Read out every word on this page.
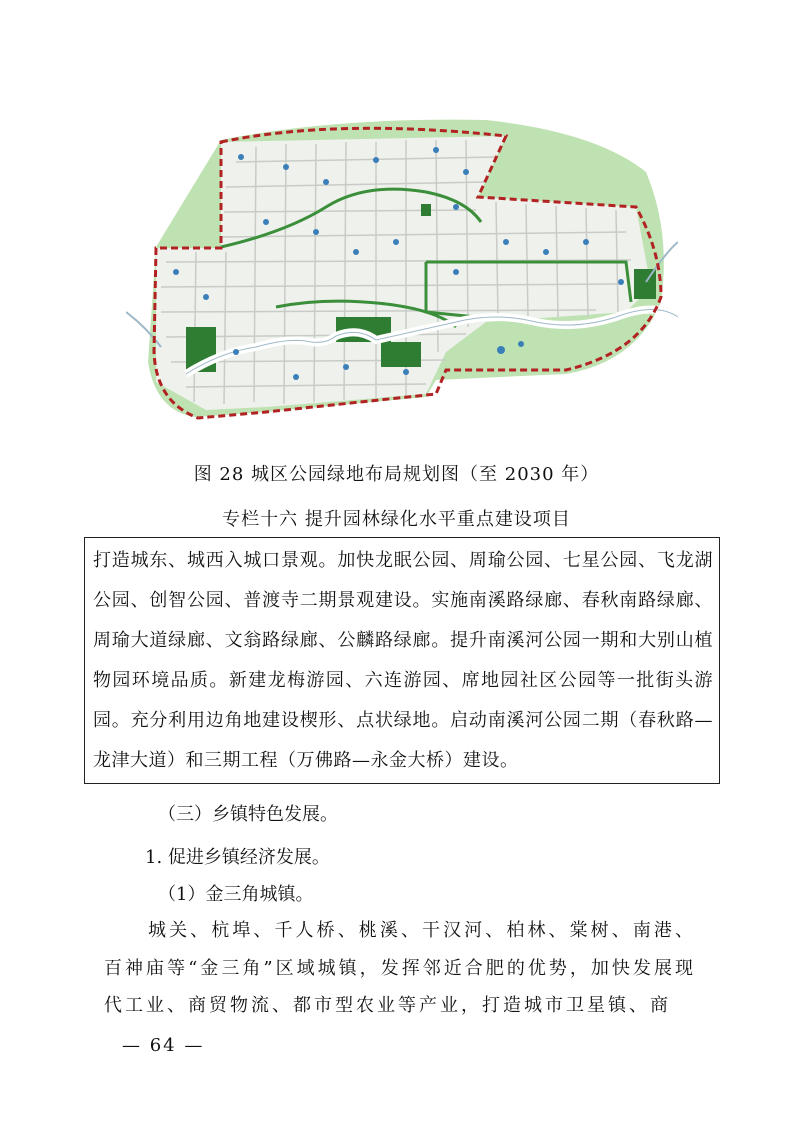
图 28 城区公园绿地布局规划图（至 2030 年）
专栏十六 提升园林绿化水平重点建设项目
打造城东、城西入城口景观。加快龙眠公园、周瑜公园、七星公园、飞龙湖公园、创智公园、普渡寺二期景观建设。实施南溪路绿廊、春秋南路绿廊、周瑜大道绿廊、文翁路绿廊、公麟路绿廊。提升南溪河公园一期和大别山植物园环境品质。新建龙梅游园、六连游园、席地园社区公园等一批街头游园。充分利用边角地建设楔形、点状绿地。启动南溪河公园二期（春秋路—龙津大道）和三期工程（万佛路—永金大桥）建设。
（三）乡镇特色发展。
1. 促进乡镇经济发展。
（1）金三角城镇。
城关、杭埠、千人桥、桃溪、干汉河、柏林、棠树、南港、百神庙等“金三角”区域城镇，发挥邻近合肥的优势，加快发展现代工业、商贸物流、都市型农业等产业，打造城市卫星镇、商
— 64 —
